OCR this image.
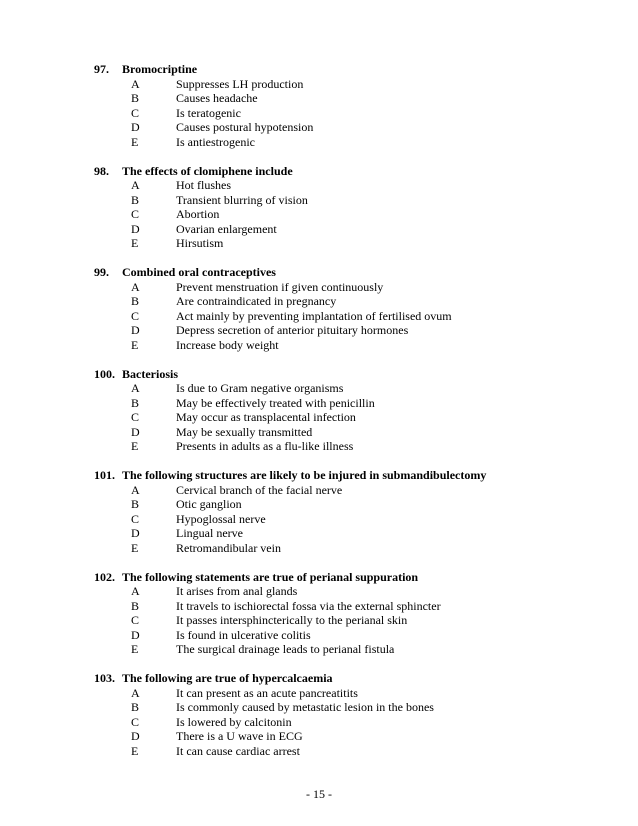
97. Bromocriptine
A	Suppresses LH production
B	Causes headache
C	Is teratogenic
D	Causes postural hypotension
E	Is antiestrogenic
98. The effects of clomiphene include
A	Hot flushes
B	Transient blurring of vision
C	Abortion
D	Ovarian enlargement
E	Hirsutism
99. Combined oral contraceptives
A	Prevent menstruation if given continuously
B	Are contraindicated in pregnancy
C	Act mainly by preventing implantation of fertilised ovum
D	Depress secretion of anterior pituitary hormones
E	Increase body weight
100. Bacteriosis
A	Is due to Gram negative organisms
B	May be effectively treated with penicillin
C	May occur as transplacental infection
D	May be sexually transmitted
E	Presents in adults as a flu-like illness
101. The following structures are likely to be injured in submandibulectomy
A	Cervical branch of the facial nerve
B	Otic ganglion
C	Hypoglossal nerve
D	Lingual nerve
E	Retromandibular vein
102. The following statements are true of perianal suppuration
A	It arises from anal glands
B	It travels to ischiorectal fossa via the external sphincter
C	It passes intersphincterically to the perianal skin
D	Is found in ulcerative colitis
E	The surgical drainage leads to perianal fistula
103. The following are true of hypercalcaemia
A	It can present as an acute pancreatitits
B	Is commonly caused by metastatic lesion in the bones
C	Is lowered by calcitonin
D	There is a U wave in ECG
E	It can cause cardiac arrest
- 15 -
